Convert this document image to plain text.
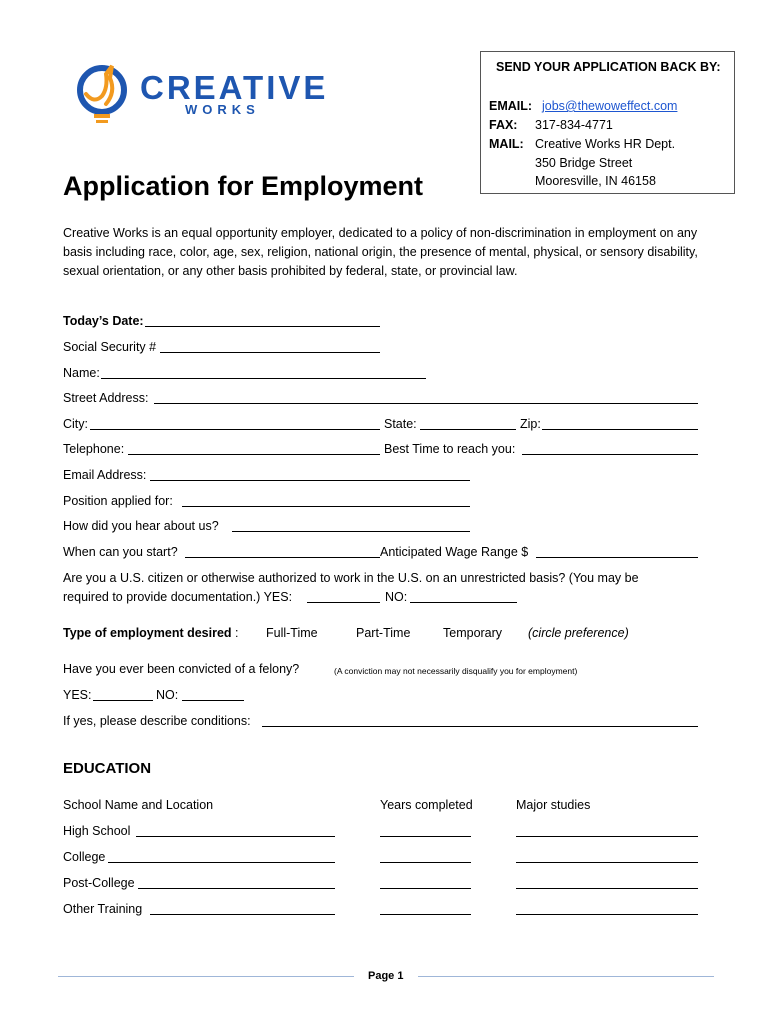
CREATIVE
WORKS
SEND YOUR APPLICATION BACK BY:
EMAIL: jobs@thewoweffect.com
FAX: 317-834-4771
MAIL: Creative Works HR Dept.
350 Bridge Street
Mooresville, IN 46158
Application for Employment
Creative Works is an equal opportunity employer, dedicated to a policy of non-discrimination in employment on any basis including race, color, age, sex, religion, national origin, the presence of mental, physical, or sensory disability, sexual orientation, or any other basis prohibited by federal, state, or provincial law.
Today’s Date:
Social Security #
Name:
Street Address:
City:	State:	Zip:
Telephone:	Best Time to reach you:
Email Address:
Position applied for:
How did you hear about us?
When can you start?	Anticipated Wage Range $
Are you a U.S. citizen or otherwise authorized to work in the U.S. on an unrestricted basis? (You may be
required to provide documentation.) YES:	NO:
Type of employment desired : Full-Time	Part-Time	Temporary (circle preference)
Have you ever been convicted of a felony?	(A conviction may not necessarily disqualify you for employment)
YES:	NO:
If yes, please describe conditions:
EDUCATION
School Name and Location	Years completed	Major studies
High School
College
Post-College
Other Training
Page 1
